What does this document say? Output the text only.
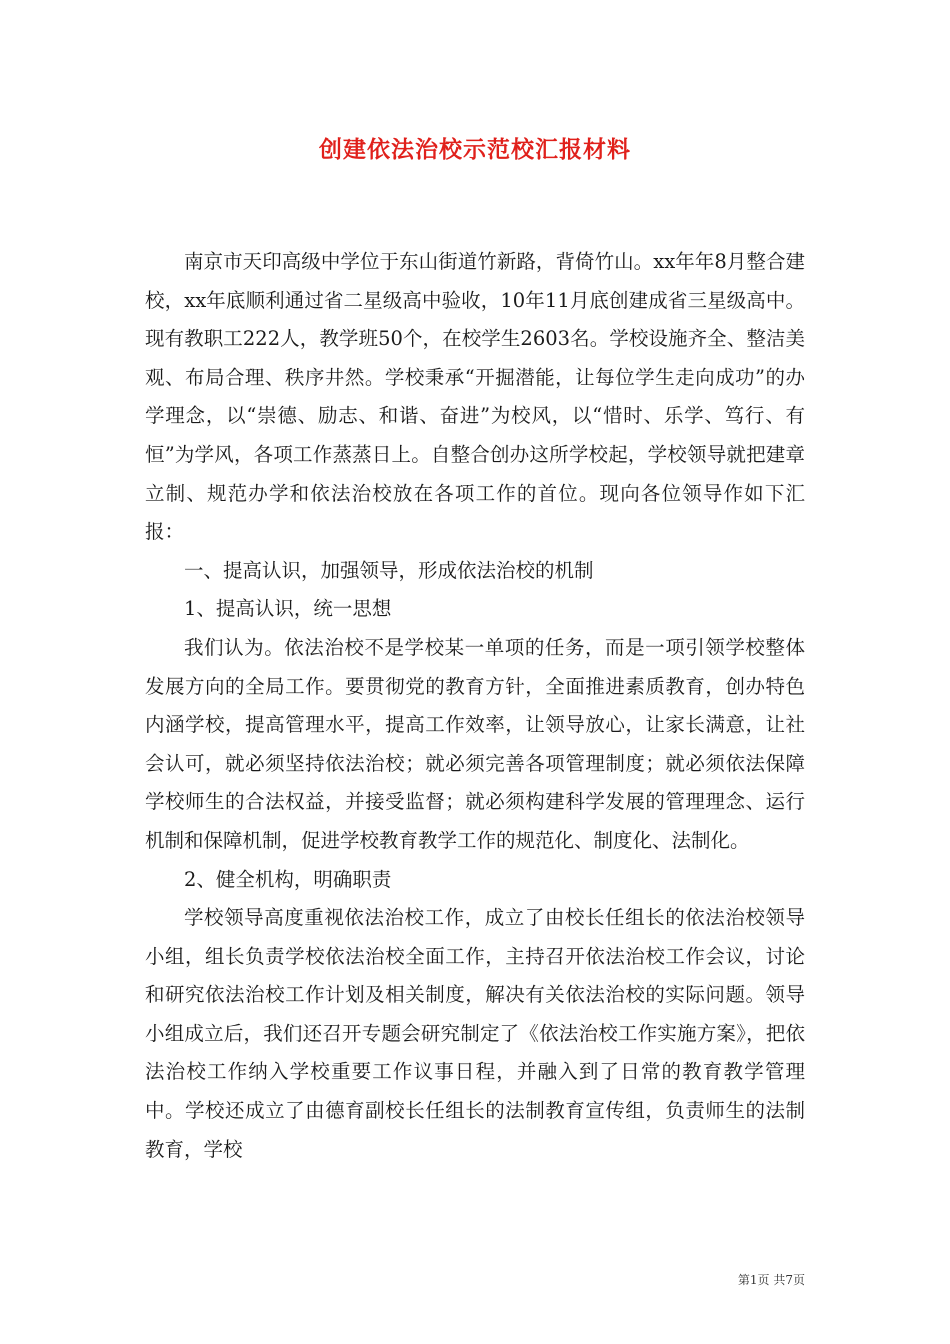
创建依法治校示范校汇报材料

南京市天印高级中学位于东山街道竹新路，背倚竹山。xx年年8月整合建校，xx年底顺利通过省二星级高中验收，10年11月底创建成省三星级高中。现有教职工222人，教学班50个，在校学生2603名。学校设施齐全、整洁美观、布局合理、秩序井然。学校秉承“开掘潜能，让每位学生走向成功”的办学理念，以“崇德、励志、和谐、奋进”为校风，以“惜时、乐学、笃行、有恒”为学风，各项工作蒸蒸日上。自整合创办这所学校起，学校领导就把建章立制、规范办学和依法治校放在各项工作的首位。现向各位领导作如下汇报：

一、提高认识，加强领导，形成依法治校的机制

1、提高认识，统一思想

我们认为。依法治校不是学校某一单项的任务，而是一项引领学校整体发展方向的全局工作。要贯彻党的教育方针，全面推进素质教育，创办特色内涵学校，提高管理水平，提高工作效率，让领导放心，让家长满意，让社会认可，就必须坚持依法治校；就必须完善各项管理制度；就必须依法保障学校师生的合法权益，并接受监督；就必须构建科学发展的管理理念、运行机制和保障机制，促进学校教育教学工作的规范化、制度化、法制化。

2、健全机构，明确职责

学校领导高度重视依法治校工作，成立了由校长任组长的依法治校领导小组，组长负责学校依法治校全面工作，主持召开依法治校工作会议，讨论和研究依法治校工作计划及相关制度，解决有关依法治校的实际问题。领导小组成立后，我们还召开专题会研究制定了《依法治校工作实施方案》，把依法治校工作纳入学校重要工作议事日程，并融入到了日常的教育教学管理中。学校还成立了由德育副校长任组长的法制教育宣传组，负责师生的法制教育，学校

第1页 共7页
